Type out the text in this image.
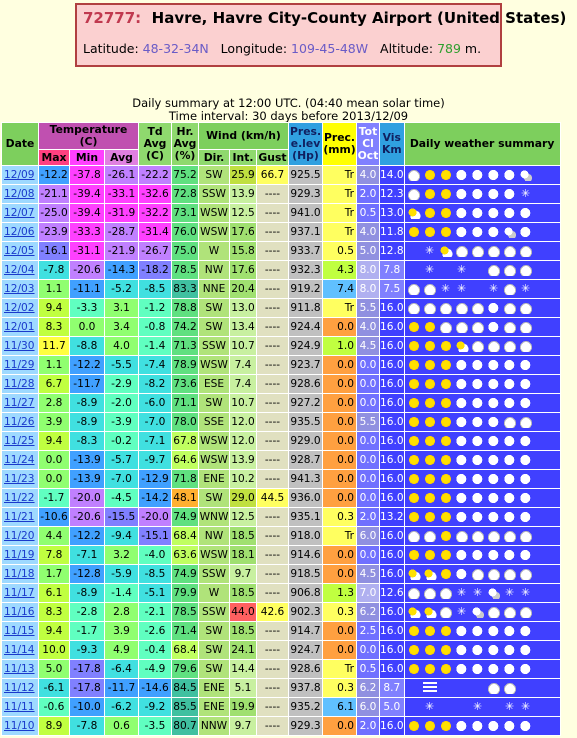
72777: Havre, Havre City-County Airport (United States)
Latitude: 48-32-34N Longitude: 109-45-48W Altitude: 789 m.
Daily summary at 12:00 UTC. (04:40 mean solar time)
Time interval: 30 days before 2013/12/09
Date	Temperature
(C)			Td Avg (C)	Hr. Avg (%)	Wind (km/h)			Pres. e.lev (Hp)	Prec. (mm)	Tot Cl Oct	Vis Km	Daily weather summary
	Max	Min	Avg			Dir.	Int.	Gust					
12/09	-12.2	-37.8	-26.1	-22.2	75.2	SW	25.9	66.7	925.5	Tr	4.0	14.0	
12/08	-21.1	-39.4	-33.1	-32.6	72.8	SSW	13.9	----	929.3	Tr	2.0	12.3	✳
12/07	-25.0	-39.4	-31.9	-32.2	73.1	WSW	12.5	----	941.0	Tr	0.5	13.0	
12/06	-23.9	-33.3	-28.7	-31.4	76.0	WSW	17.6	----	937.1	Tr	4.0	11.8	
12/05	-16.1	-31.1	-21.9	-26.7	75.0	W	15.8	----	933.7	0.5	5.0	12.8	✳
12/04	-7.8	-20.6	-14.3	-18.2	78.5	NW	17.6	----	932.3	4.3	8.0	7.8	✳ ✳
12/03	1.1	-11.1	-5.2	-8.5	83.3	NNE	20.4	----	919.2	7.4	8.0	7.5	✳ ✳ ✳ ✳
12/02	9.4	-3.3	3.1	-1.2	78.8	SW	13.0	----	911.8	Tr	5.5	16.0	
12/01	8.3	0.0	3.4	-0.8	74.2	SW	13.4	----	924.4	0.0	4.0	16.0	
11/30	11.7	-8.8	4.0	-1.4	71.3	SSW	10.7	----	924.9	1.0	4.5	16.0	
11/29	1.1	-12.2	-5.5	-7.4	78.9	WSW	7.4	----	923.7	0.0	0.0	16.0	
11/28	6.7	-11.7	-2.9	-8.2	73.6	ESE	7.4	----	928.6	0.0	0.0	16.0	
11/27	2.8	-8.9	-2.0	-6.0	71.1	SW	10.7	----	927.2	0.0	0.0	16.0	
11/26	3.9	-8.9	-3.9	-7.0	78.0	SSE	12.0	----	935.5	0.0	5.5	16.0	
11/25	9.4	-8.3	-0.2	-7.1	67.8	WSW	12.0	----	929.0	0.0	0.0	16.0	
11/24	0.0	-13.9	-5.7	-9.7	64.6	WSW	13.9	----	928.7	0.0	0.0	16.0	
11/23	0.0	-13.9	-7.0	-12.9	71.8	ENE	10.2	----	941.3	0.0	0.0	16.0	
11/22	-1.7	-20.0	-4.5	-14.2	48.1	SW	29.0	44.5	936.0	0.0	0.0	16.0	
11/21	-10.6	-20.6	-15.5	-20.0	74.9	WNW	12.5	----	935.1	0.3	2.0	13.2	
11/20	4.4	-12.2	-9.4	-15.1	68.4	NW	18.5	----	918.0	Tr	6.0	16.0	
11/19	7.8	-7.1	3.2	-4.0	63.6	WSW	18.1	----	914.6	0.0	0.0	16.0	
11/18	1.7	-12.8	-5.9	-8.5	74.9	SSW	9.7	----	918.5	0.0	4.5	16.0	
11/17	6.1	-8.9	-1.4	-5.1	79.9	W	18.5	----	906.8	1.3	7.0	12.6	✳ ✳ ✳ ✳
11/16	8.3	-2.8	2.8	-2.1	78.5	SSW	44.0	42.6	902.3	0.3	6.2	16.0	✳
11/15	9.4	-1.7	3.9	-2.6	71.4	SW	18.5	----	914.7	0.0	2.5	16.0	
11/14	10.0	-9.3	4.9	-0.4	68.4	SW	24.1	----	924.7	0.0	0.0	16.0	
11/13	5.0	-17.8	-6.4	-4.9	79.6	SW	14.4	----	928.6	Tr	0.5	16.0	
11/12	-6.1	-17.8	-11.7	-14.6	84.5	ENE	5.1	----	937.8	0.3	6.2	8.7	
11/11	-0.6	-10.0	-6.2	-9.2	85.5	ENE	19.9	----	935.2	6.1	6.0	5.0	✳ ✳ ✳ ✳
11/10	8.9	-7.8	0.6	-3.5	80.7	NNW	9.7	----	929.3	0.0	2.0	16.0	
